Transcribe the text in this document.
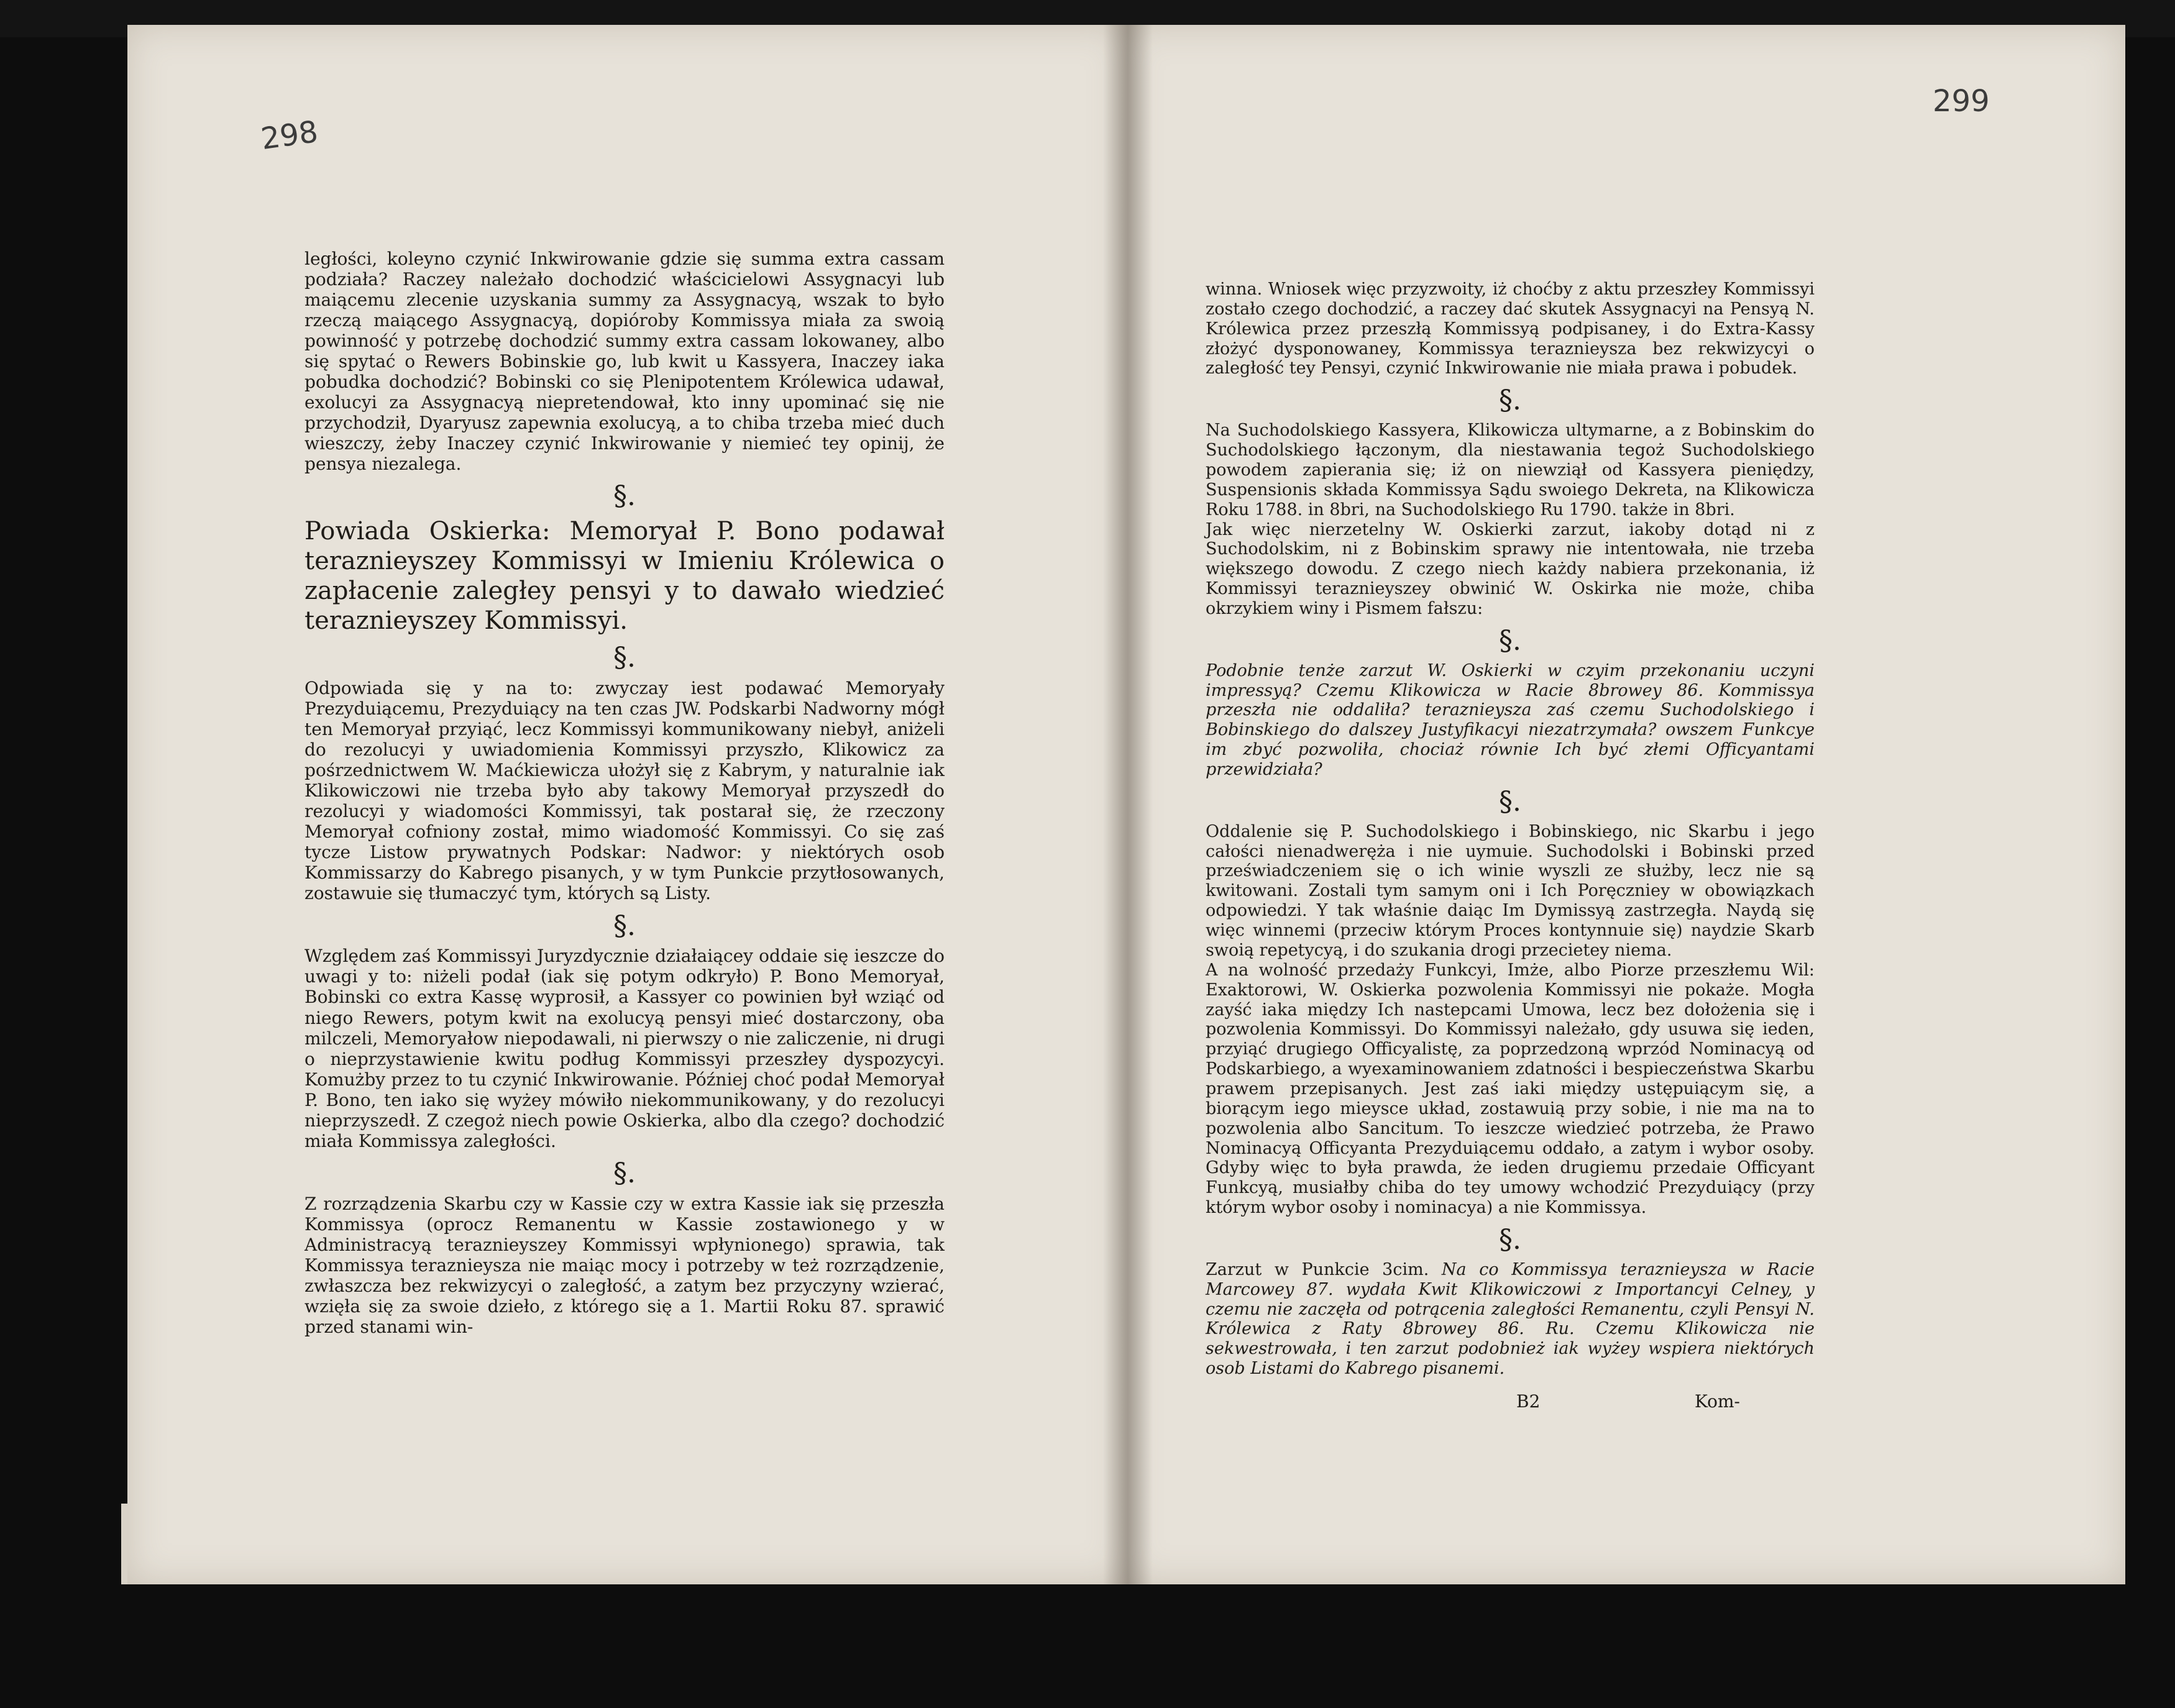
298
299

ległości, koleyno czynić Inkwirowanie gdzie się summa extra cassam podziała? Raczey należało dochodzić właścicielowi Assygnacyi lub maiącemu zlecenie uzyskania summy za Assygnacyą, wszak to było rzeczą maiącego Assygnacyą, dopióroby Kommissya miała za swoią powinność y potrzebę dochodzić summy extra cassam lokowaney, albo się spytać o Rewers Bobinskie go, lub kwit u Kassyera, Inaczey iaka pobudka dochodzić? Bobinski co się Plenipotentem Królewica udawał, exolucyi za Assygnacyą niepretendował, kto inny upominać się nie przychodził, Dyaryusz zapewnia exolucyą, a to chiba trzeba mieć duch wieszczy, żeby Inaczey czynić Inkwirowanie y niemieć tey opinij, że pensya niezalega.

§.

Powiada Oskierka: Memoryał P. Bono podawał teraznieyszey Kommissyi w Imieniu Królewica o zapłacenie zaległey pensyi y to dawało wiedzieć teraznieyszey Kommissyi.

§.

Odpowiada się y na to: zwyczay iest podawać Memoryały Prezyduiącemu, Prezyduiący na ten czas JW. Podskarbi Nadworny mógł ten Memoryał przyiąć, lecz Kommissyi kommunikowany niebył, aniżeli do rezolucyi y uwiadomienia Kommissyi przyszło, Klikowicz za pośrzednictwem W. Maćkiewicza ułożył się z Kabrym, y naturalnie iak Klikowiczowi nie trzeba było aby takowy Memoryał przyszedł do rezolucyi y wiadomości Kommissyi, tak postarał się, że rzeczony Memoryał cofniony został, mimo wiadomość Kommissyi. Co się zaś tycze Listow prywatnych Podskar: Nadwor: y niektórych osob Kommissarzy do Kabrego pisanych, y w tym Punkcie przytłosowanych, zostawuie się tłumaczyć tym, których są Listy.

§.

Względem zaś Kommissyi Juryzdycznie działaiącey oddaie się ieszcze do uwagi y to: niżeli podał (iak się potym odkryło) P. Bono Memoryał, Bobinski co extra Kassę wyprosił, a Kassyer co powinien był wziąć od niego Rewers, potym kwit na exolucyą pensyi mieć dostarczony, oba milczeli, Memoryałow niepodawali, ni pierwszy o nie zaliczenie, ni drugi o nieprzystawienie kwitu podług Kommissyi przeszłey dyspozycyi. Komużby przez to tu czynić Inkwirowanie. Później choć podał Memoryał P. Bono, ten iako się wyżey mówiło niekommunikowany, y do rezolucyi nieprzyszedł. Z czegoż niech powie Oskierka, albo dla czego? dochodzić miała Kommissya zaległości.

§.

Z rozrządzenia Skarbu czy w Kassie czy w extra Kassie iak się przeszła Kommissya (oprocz Remanentu w Kassie zostawionego y w Administracyą teraznieyszey Kommissyi wpłynionego) sprawia, tak Kommissya teraznieysza nie maiąc mocy i potrzeby w też rozrządzenie, zwłaszcza bez rekwizycyi o zaległość, a zatym bez przyczyny wzierać, wzięła się za swoie dzieło, z którego się a 1. Martii Roku 87. sprawić przed stanami win-

winna. Wniosek więc przyzwoity, iż choćby z aktu przeszłey Kommissyi zostało czego dochodzić, a raczey dać skutek Assygnacyi na Pensyą N. Królewica przez przeszłą Kommissyą podpisaney, i do Extra-Kassy złożyć dysponowaney, Kommissya teraznieysza bez rekwizycyi o zaległość tey Pensyi, czynić Inkwirowanie nie miała prawa i pobudek.

§.

Na Suchodolskiego Kassyera, Klikowicza ultymarne, a z Bobinskim do Suchodolskiego łączonym, dla niestawania tegoż Suchodolskiego powodem zapierania się; iż on niewziął od Kassyera pieniędzy, Suspensionis składa Kommissya Sądu swoiego Dekreta, na Klikowicza Roku 1788. in 8bri, na Suchodolskiego Ru 1790. także in 8bri.

Jak więc nierzetelny W. Oskierki zarzut, iakoby dotąd ni z Suchodolskim, ni z Bobinskim sprawy nie intentowała, nie trzeba większego dowodu. Z czego niech każdy nabiera przekonania, iż Kommissyi teraznieyszey obwinić W. Oskirka nie może, chiba okrzykiem winy i Pismem fałszu:

§.

Podobnie tenże zarzut W. Oskierki w czyim przekonaniu uczyni impressyą? Czemu Klikowicza w Racie 8browey 86. Kommissya przeszła nie oddaliła? teraznieysza zaś czemu Suchodolskiego i Bobinskiego do dalszey Justyfikacyi niezatrzymała? owszem Funkcye im zbyć pozwoliła, chociaż równie Ich być złemi Officyantami przewidziała?

§.

Oddalenie się P. Suchodolskiego i Bobinskiego, nic Skarbu i jego całości nienadweręża i nie uymuie. Suchodolski i Bobinski przed przeświadczeniem się o ich winie wyszli ze służby, lecz nie są kwitowani. Zostali tym samym oni i Ich Poręczniey w obowiązkach odpowiedzi. Y tak właśnie daiąc Im Dymissyą zastrzegła. Naydą się więc winnemi (przeciw którym Proces kontynnuie się) naydzie Skarb swoią repetycyą, i do szukania drogi przecietey niema.

A na wolność przedaży Funkcyi, Imże, albo Piorze przeszłemu Wil: Exaktorowi, W. Oskierka pozwolenia Kommissyi nie pokaże. Mogła zayść iaka między Ich nastepcami Umowa, lecz bez dołożenia się i pozwolenia Kommissyi. Do Kommissyi należało, gdy usuwa się ieden, przyiąć drugiego Officyalistę, za poprzedzoną wprzód Nominacyą od Podskarbiego, a wyexaminowaniem zdatności i bespieczeństwa Skarbu prawem przepisanych. Jest zaś iaki między ustępuiącym się, a biorącym iego mieysce układ, zostawuią przy sobie, i nie ma na to pozwolenia albo Sancitum. To ieszcze wiedzieć potrzeba, że Prawo Nominacyą Officyanta Prezyduiącemu oddało, a zatym i wybor osoby. Gdyby więc to była prawda, że ieden drugiemu przedaie Officyant Funkcyą, musiałby chiba do tey umowy wchodzić Prezyduiący (przy którym wybor osoby i nominacya) a nie Kommissya.

§.

Zarzut w Punkcie 3cim. Na co Kommissya teraznieysza w Racie Marcowey 87. wydała Kwit Klikowiczowi z Importancyi Celney, y czemu nie zaczęła od potrącenia zaległości Remanentu, czyli Pensyi N. Królewica z Raty 8browey 86. Ru. Czemu Klikowicza nie sekwestrowała, i ten zarzut podobnież iak wyżey wspiera niektórych osob Listami do Kabrego pisanemi.

B2	Kom-
